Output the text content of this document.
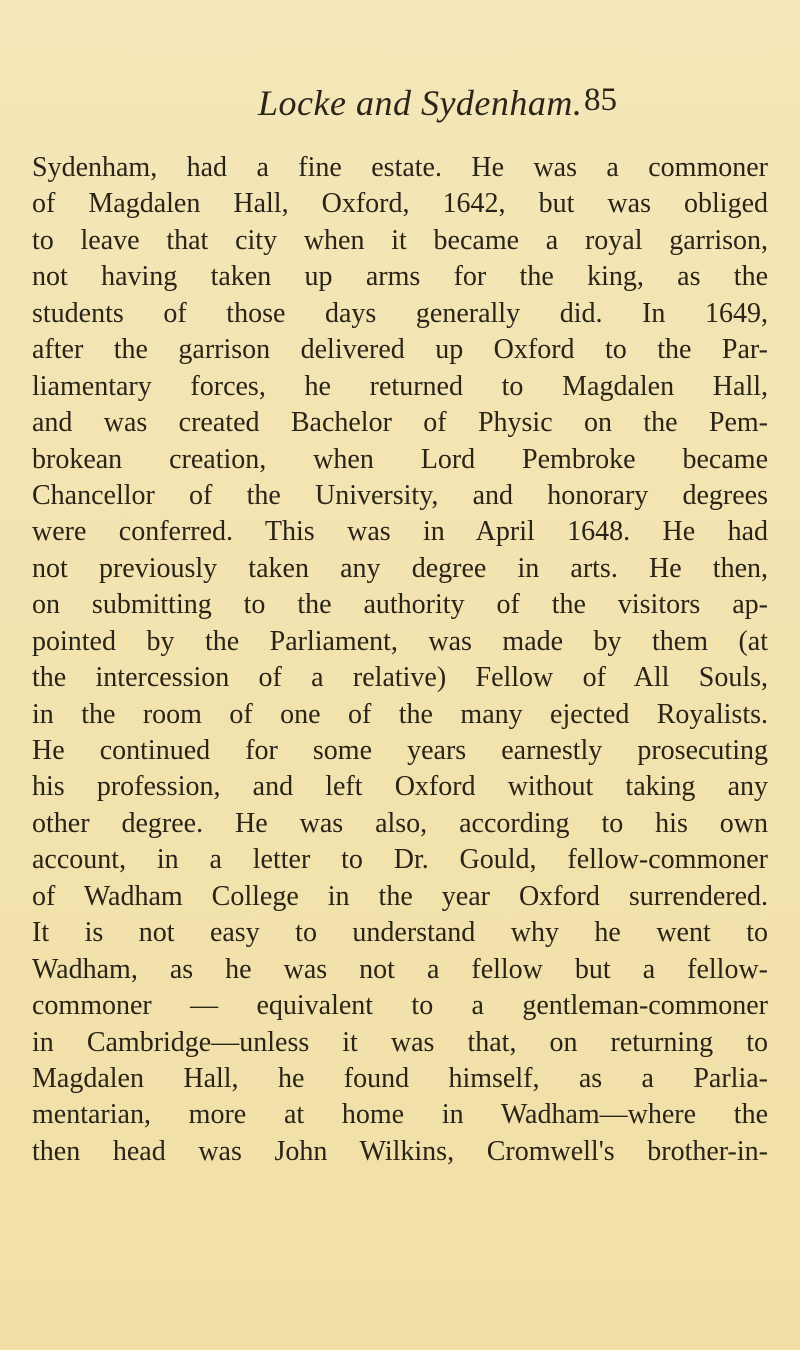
Locke and Sydenham. 85
Sydenham, had a fine estate. He was a commoner
of Magdalen Hall, Oxford, 1642, but was obliged
to leave that city when it became a royal garrison,
not having taken up arms for the king, as the
students of those days generally did. In 1649,
after the garrison delivered up Oxford to the Par-
liamentary forces, he returned to Magdalen Hall,
and was created Bachelor of Physic on the Pem-
brokean creation, when Lord Pembroke became
Chancellor of the University, and honorary degrees
were conferred. This was in April 1648. He had
not previously taken any degree in arts. He then,
on submitting to the authority of the visitors ap-
pointed by the Parliament, was made by them (at
the intercession of a relative) Fellow of All Souls,
in the room of one of the many ejected Royalists.
He continued for some years earnestly prosecuting
his profession, and left Oxford without taking any
other degree. He was also, according to his own
account, in a letter to Dr. Gould, fellow-commoner
of Wadham College in the year Oxford surrendered.
It is not easy to understand why he went to
Wadham, as he was not a fellow but a fellow-
commoner — equivalent to a gentleman-commoner
in Cambridge—unless it was that, on returning to
Magdalen Hall, he found himself, as a Parlia-
mentarian, more at home in Wadham—where the
then head was John Wilkins, Cromwell's brother-in-
